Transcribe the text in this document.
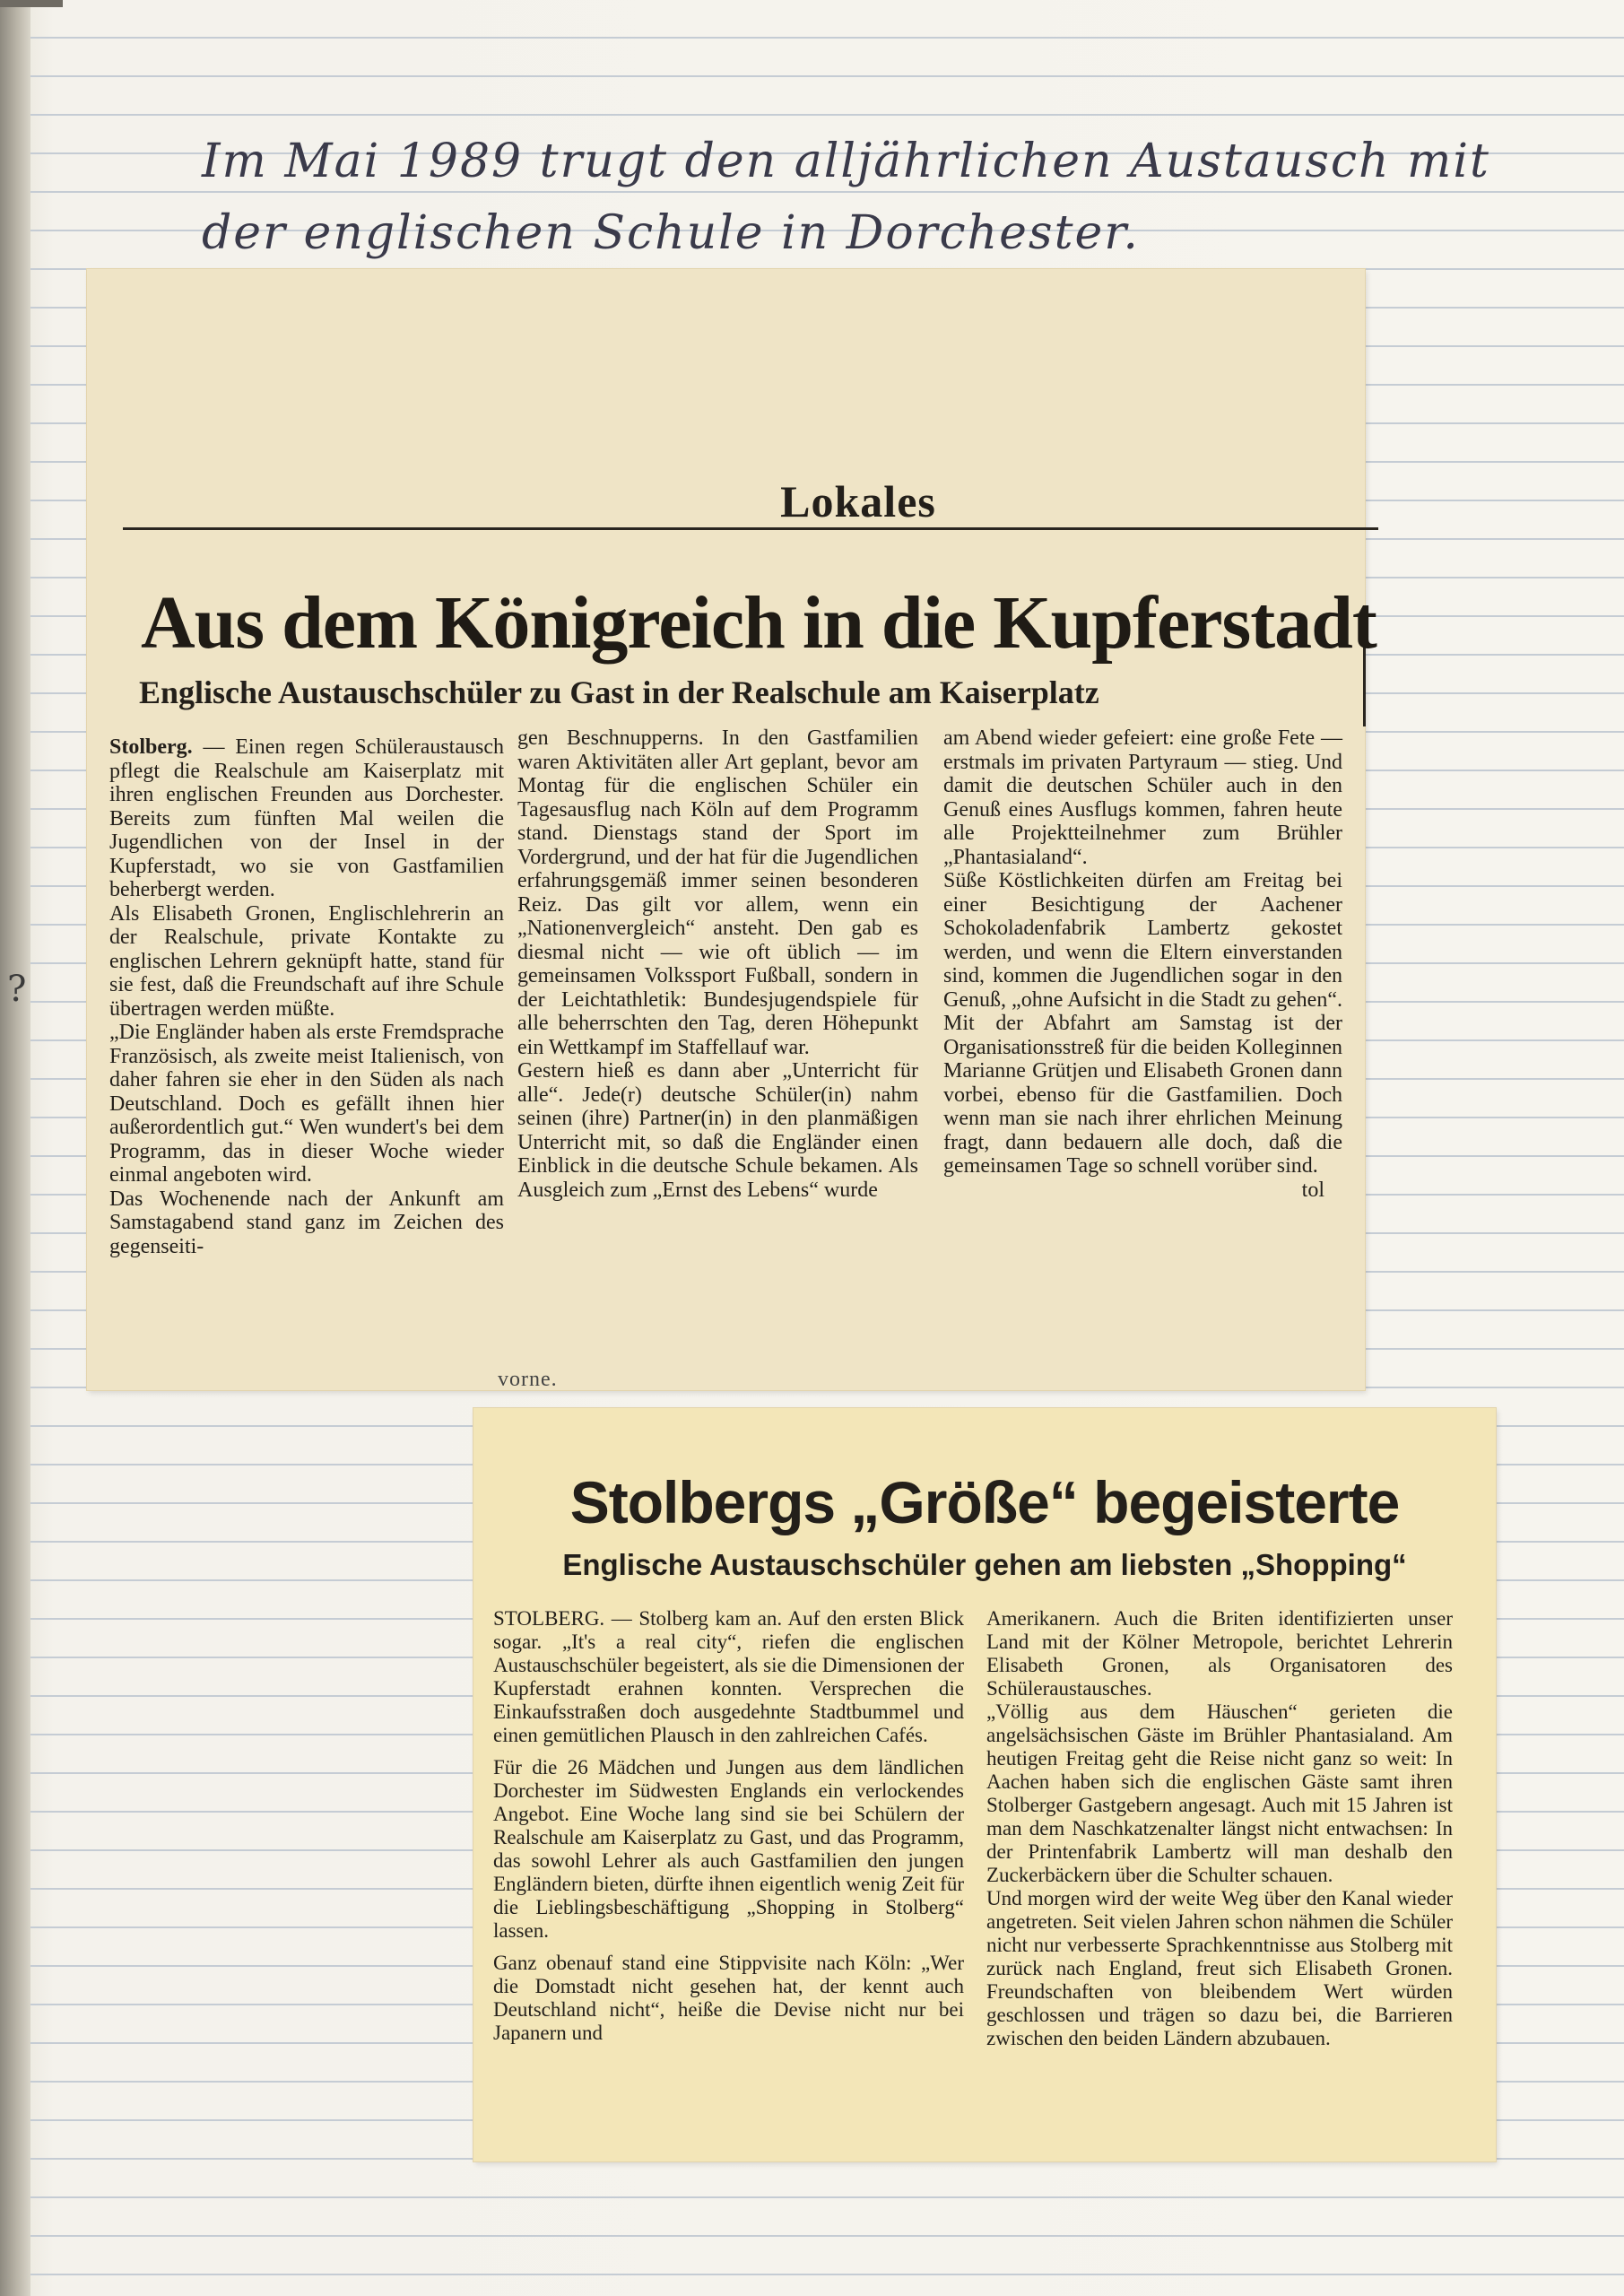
?
Im Mai 1989 trugt den alljährlichen Austausch mit
der englischen Schule in Dorchester.
Lokales
Aus dem Königreich in die Kupferstadt
Englische Austauschschüler zu Gast in der Realschule am Kaiserplatz

Stolberg. — Einen regen Schüleraustausch pflegt die Realschule am Kaiserplatz mit ihren englischen Freunden aus Dorchester. Bereits zum fünften Mal weilen die Jugendlichen von der Insel in der Kupferstadt, wo sie von Gastfamilien beherbergt werden.

Als Elisabeth Gronen, Englischlehrerin an der Realschule, private Kontakte zu englischen Lehrern geknüpft hatte, stand für sie fest, daß die Freundschaft auf ihre Schule übertragen werden müßte.

„Die Engländer haben als erste Fremdsprache Französisch, als zweite meist Italienisch, von daher fahren sie eher in den Süden als nach Deutschland. Doch es gefällt ihnen hier außerordentlich gut.“ Wen wundert's bei dem Programm, das in dieser Woche wieder einmal angeboten wird.

Das Wochenende nach der Ankunft am Samstagabend stand ganz im Zeichen des gegenseiti-

gen Beschnupperns. In den Gastfamilien waren Aktivitäten aller Art geplant, bevor am Montag für die englischen Schüler ein Tagesausflug nach Köln auf dem Programm stand. Dienstags stand der Sport im Vordergrund, und der hat für die Jugendlichen erfahrungsgemäß immer seinen besonderen Reiz. Das gilt vor allem, wenn ein „Nationenvergleich“ ansteht. Den gab es diesmal nicht — wie oft üblich — im gemeinsamen Volkssport Fußball, sondern in der Leichtathletik: Bundesjugendspiele für alle beherrschten den Tag, deren Höhepunkt ein Wettkampf im Staffellauf war.

Gestern hieß es dann aber „Unterricht für alle“. Jede(r) deutsche Schüler(in) nahm seinen (ihre) Partner(in) in den planmäßigen Unterricht mit, so daß die Engländer einen Einblick in die deutsche Schule bekamen. Als Ausgleich zum „Ernst des Lebens“ wurde

am Abend wieder gefeiert: eine große Fete — erstmals im privaten Partyraum — stieg. Und damit die deutschen Schüler auch in den Genuß eines Ausflugs kommen, fahren heute alle Projektteilnehmer zum Brühler „Phantasialand“.

Süße Köstlichkeiten dürfen am Freitag bei einer Besichtigung der Aachener Schokoladenfabrik Lambertz gekostet werden, und wenn die Eltern einverstanden sind, kommen die Jugendlichen sogar in den Genuß, „ohne Aufsicht in die Stadt zu gehen“. Mit der Abfahrt am Samstag ist der Organisationsstreß für die beiden Kolleginnen Marianne Grütjen und Elisabeth Gronen dann vorbei, ebenso für die Gastfamilien. Doch wenn man sie nach ihrer ehrlichen Meinung fragt, dann bedauern alle doch, daß die gemeinsamen Tage so schnell vorüber sind.
tol

vorne.
Stolbergs „Größe“ begeisterte
Englische Austauschschüler gehen am liebsten „Shopping“

STOLBERG. — Stolberg kam an. Auf den ersten Blick sogar. „It's a real city“, riefen die englischen Austauschschüler begeistert, als sie die Dimensionen der Kupferstadt erahnen konnten. Versprechen die Einkaufsstraßen doch ausgedehnte Stadtbummel und einen gemütlichen Plausch in den zahlreichen Cafés.

Für die 26 Mädchen und Jungen aus dem ländlichen Dorchester im Südwesten Englands ein verlockendes Angebot. Eine Woche lang sind sie bei Schülern der Realschule am Kaiserplatz zu Gast, und das Programm, das sowohl Lehrer als auch Gastfamilien den jungen Engländern bieten, dürfte ihnen eigentlich wenig Zeit für die Lieblingsbeschäftigung „Shopping in Stolberg“ lassen.

Ganz obenauf stand eine Stippvisite nach Köln: „Wer die Domstadt nicht gesehen hat, der kennt auch Deutschland nicht“, heiße die Devise nicht nur bei Japanern und

Amerikanern. Auch die Briten identifizierten unser Land mit der Kölner Metropole, berichtet Lehrerin Elisabeth Gronen, als Organisatoren des Schüleraustausches.

„Völlig aus dem Häuschen“ gerieten die angelsächsischen Gäste im Brühler Phantasialand. Am heutigen Freitag geht die Reise nicht ganz so weit: In Aachen haben sich die englischen Gäste samt ihren Stolberger Gastgebern angesagt. Auch mit 15 Jahren ist man dem Naschkatzenalter längst nicht entwachsen: In der Printenfabrik Lambertz will man deshalb den Zuckerbäckern über die Schulter schauen.

Und morgen wird der weite Weg über den Kanal wieder angetreten. Seit vielen Jahren schon nähmen die Schüler nicht nur verbesserte Sprachkenntnisse aus Stolberg mit zurück nach England, freut sich Elisabeth Gronen. Freundschaften von bleibendem Wert würden geschlossen und trägen so dazu bei, die Barrieren zwischen den beiden Ländern abzubauen.
